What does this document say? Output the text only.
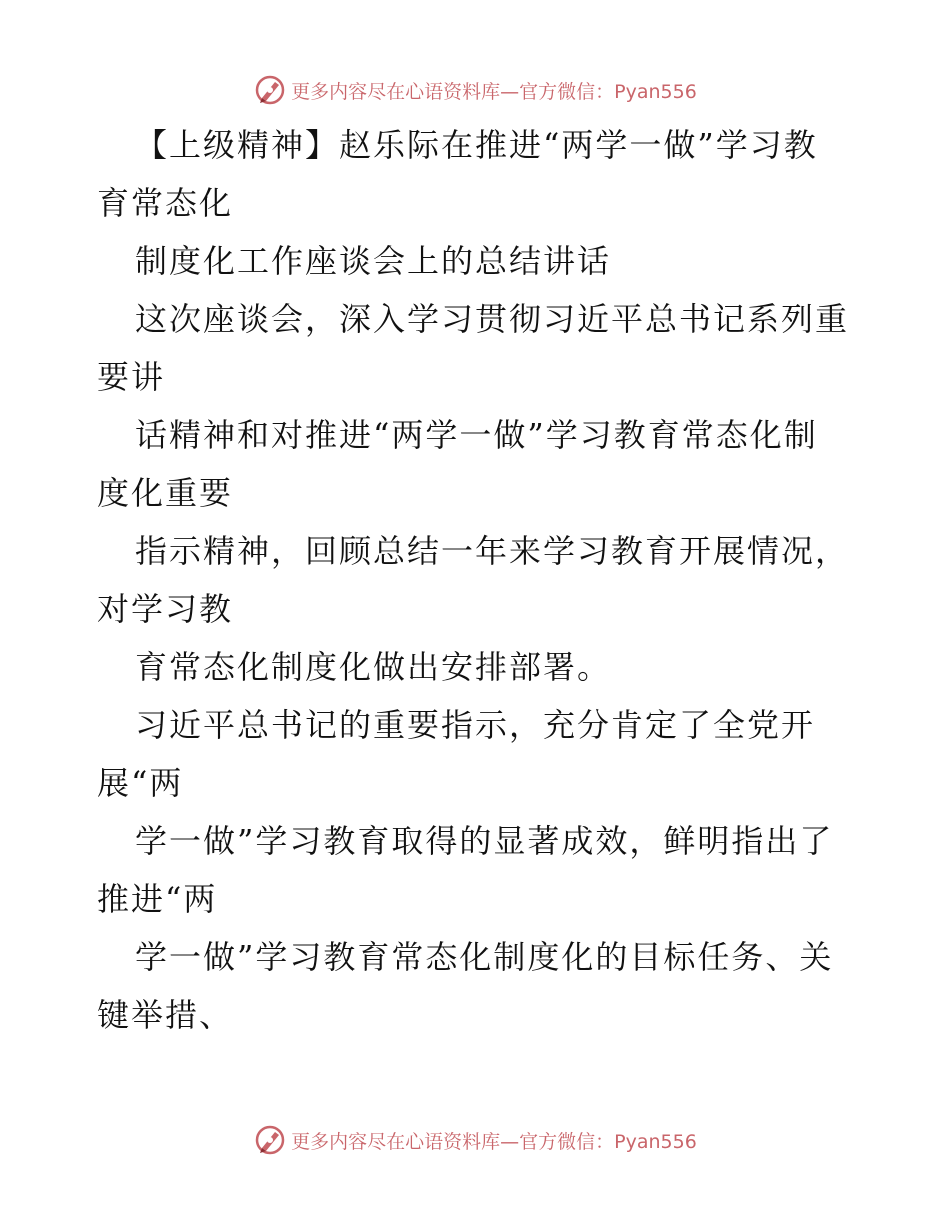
更多内容尽在心语资料库—官方微信：Pyan556

【上级精神】赵乐际在推进“两学一做”学习教
育常态化

制度化工作座谈会上的总结讲话

这次座谈会，深入学习贯彻习近平总书记系列重
要讲

话精神和对推进“两学一做”学习教育常态化制
度化重要

指示精神，回顾总结一年来学习教育开展情况，
对学习教

育常态化制度化做出安排部署。

习近平总书记的重要指示，充分肯定了全党开
展“两

学一做”学习教育取得的显著成效，鲜明指出了
推进“两

学一做”学习教育常态化制度化的目标任务、关
键举措、

更多内容尽在心语资料库—官方微信：Pyan556
